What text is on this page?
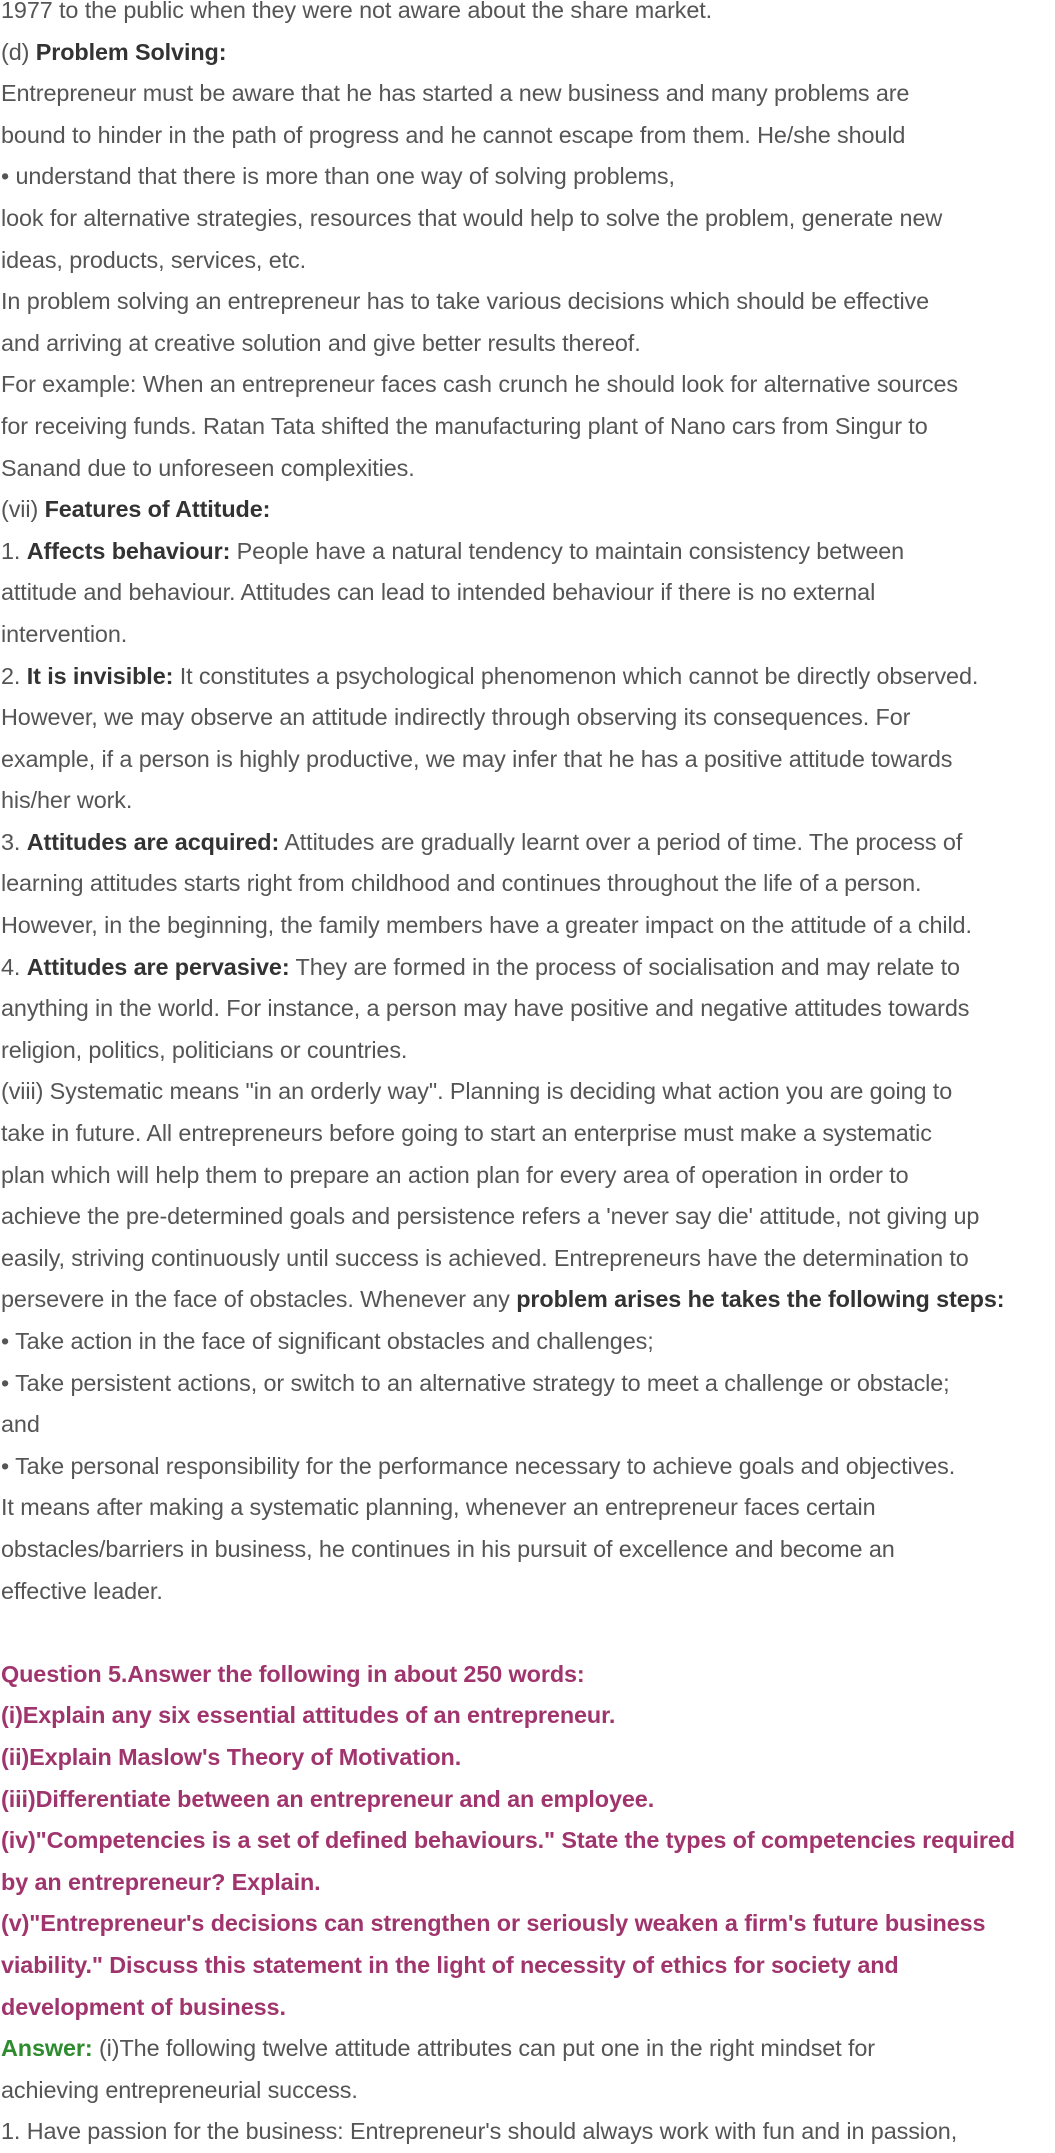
1977 to the public when they were not aware about the share market.

(d) Problem Solving:

Entrepreneur must be aware that he has started a new business and many problems are

bound to hinder in the path of progress and he cannot escape from them. He/she should

• understand that there is more than one way of solving problems,

look for alternative strategies, resources that would help to solve the problem, generate new

ideas, products, services, etc.

In problem solving an entrepreneur has to take various decisions which should be effective

and arriving at creative solution and give better results thereof.

For example: When an entrepreneur faces cash crunch he should look for alternative sources

for receiving funds. Ratan Tata shifted the manufacturing plant of Nano cars from Singur to

Sanand due to unforeseen complexities.

(vii) Features of Attitude:

1. Affects behaviour: People have a natural tendency to maintain consistency between

attitude and behaviour. Attitudes can lead to intended behaviour if there is no external

intervention.

2. It is invisible: It constitutes a psychological phenomenon which cannot be directly observed.

However, we may observe an attitude indirectly through observing its consequences. For

example, if a person is highly productive, we may infer that he has a positive attitude towards

his/her work.

3. Attitudes are acquired: Attitudes are gradually learnt over a period of time. The process of

learning attitudes starts right from childhood and continues throughout the life of a person.

However, in the beginning, the family members have a greater impact on the attitude of a child.

4. Attitudes are pervasive: They are formed in the process of socialisation and may relate to

anything in the world. For instance, a person may have positive and negative attitudes towards

religion, politics, politicians or countries.

(viii) Systematic means "in an orderly way". Planning is deciding what action you are going to

take in future. All entrepreneurs before going to start an enterprise must make a systematic

plan which will help them to prepare an action plan for every area of operation in order to

achieve the pre-determined goals and persistence refers a 'never say die' attitude, not giving up

easily, striving continuously until success is achieved. Entrepreneurs have the determination to

persevere in the face of obstacles. Whenever any problem arises he takes the following steps:

• Take action in the face of significant obstacles and challenges;

• Take persistent actions, or switch to an alternative strategy to meet a challenge or obstacle;

and

• Take personal responsibility for the performance necessary to achieve goals and objectives.

It means after making a systematic planning, whenever an entrepreneur faces certain

obstacles/barriers in business, he continues in his pursuit of excellence and become an

effective leader.

Question 5.Answer the following in about 250 words:

(i)Explain any six essential attitudes of an entrepreneur.

(ii)Explain Maslow's Theory of Motivation.

(iii)Differentiate between an entrepreneur and an employee.

(iv)"Competencies is a set of defined behaviours." State the types of competencies required

by an entrepreneur? Explain.

(v)"Entrepreneur's decisions can strengthen or seriously weaken a firm's future business

viability." Discuss this statement in the light of necessity of ethics for society and

development of business.

Answer: (i)The following twelve attitude attributes can put one in the right mindset for

achieving entrepreneurial success.

1. Have passion for the business: Entrepreneur's should always work with fun and in passion,
